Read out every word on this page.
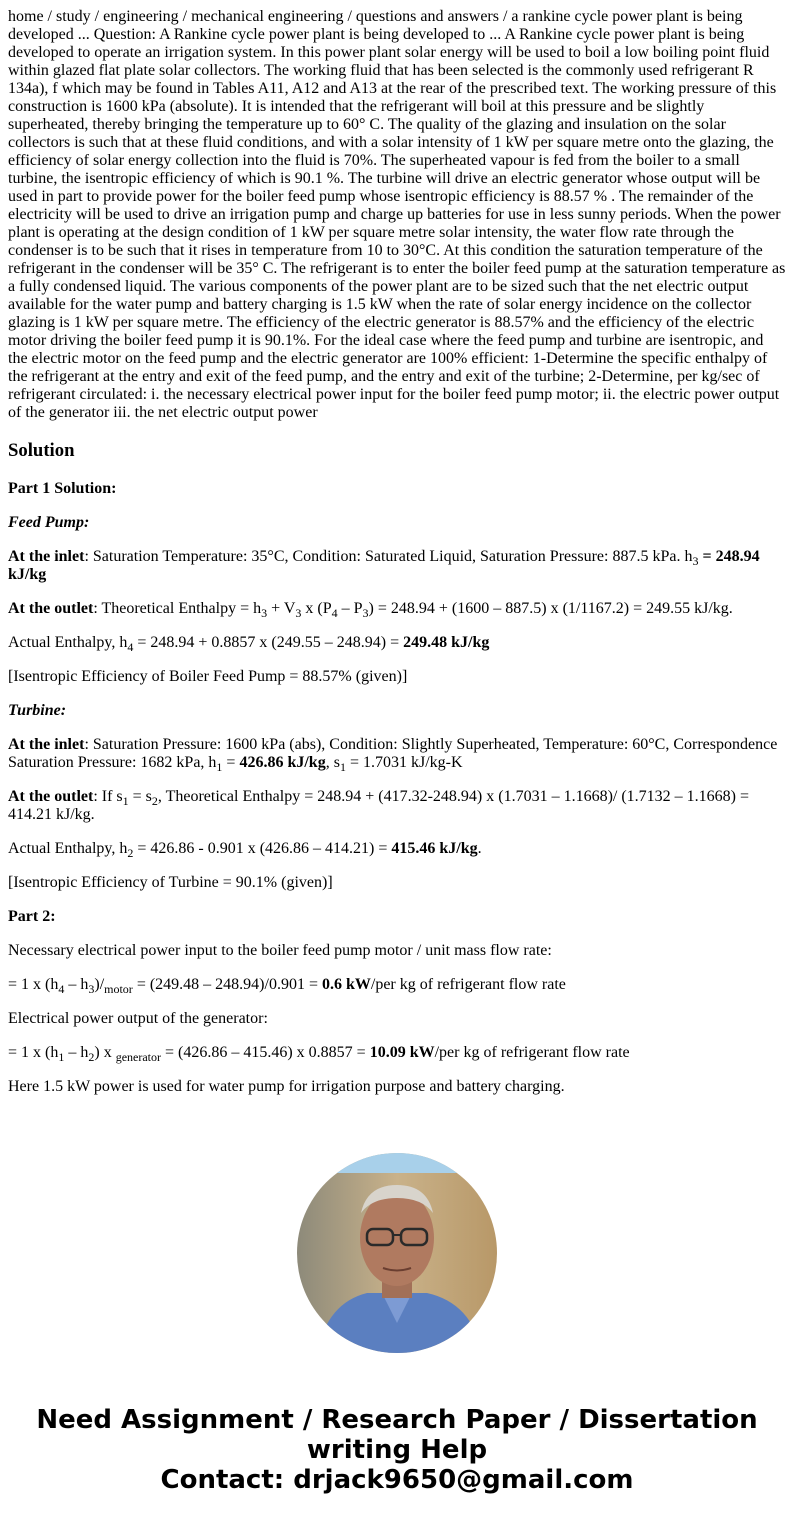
home / study / engineering / mechanical engineering / questions and answers / a rankine cycle power plant is being developed ... Question: A Rankine cycle power plant is being developed to ... A Rankine cycle power plant is being developed to operate an irrigation system. In this power plant solar energy will be used to boil a low boiling point fluid within glazed flat plate solar collectors. The working fluid that has been selected is the commonly used refrigerant R 134a), f which may be found in Tables A11, A12 and A13 at the rear of the prescribed text. The working pressure of this construction is 1600 kPa (absolute). It is intended that the refrigerant will boil at this pressure and be slightly superheated, thereby bringing the temperature up to 60° C. The quality of the glazing and insulation on the solar collectors is such that at these fluid conditions, and with a solar intensity of 1 kW per square metre onto the glazing, the efficiency of solar energy collection into the fluid is 70%. The superheated vapour is fed from the boiler to a small turbine, the isentropic efficiency of which is 90.1 %. The turbine will drive an electric generator whose output will be used in part to provide power for the boiler feed pump whose isentropic efficiency is 88.57 % . The remainder of the electricity will be used to drive an irrigation pump and charge up batteries for use in less sunny periods. When the power plant is operating at the design condition of 1 kW per square metre solar intensity, the water flow rate through the condenser is to be such that it rises in temperature from 10 to 30°C. At this condition the saturation temperature of the refrigerant in the condenser will be 35° C. The refrigerant is to enter the boiler feed pump at the saturation temperature as a fully condensed liquid. The various components of the power plant are to be sized such that the net electric output available for the water pump and battery charging is 1.5 kW when the rate of solar energy incidence on the collector glazing is 1 kW per square metre. The efficiency of the electric generator is 88.57% and the efficiency of the electric motor driving the boiler feed pump it is 90.1%. For the ideal case where the feed pump and turbine are isentropic, and the electric motor on the feed pump and the electric generator are 100% efficient: 1-Determine the specific enthalpy of the refrigerant at the entry and exit of the feed pump, and the entry and exit of the turbine; 2-Determine, per kg/sec of refrigerant circulated: i. the necessary electrical power input for the boiler feed pump motor; ii. the electric power output of the generator iii. the net electric output power

Solution

Part 1 Solution:

Feed Pump:

At the inlet: Saturation Temperature: 35°C, Condition: Saturated Liquid, Saturation Pressure: 887.5 kPa. $h_3 = 248.94$ kJ/kg

At the outlet: Theoretical Enthalpy = $h_3 + V_3$ x $(P_4 - P_3) = 248.94 + (1600 - 887.5)$ x (1/1167.2) = 249.55 kJ/kg.

Actual Enthalpy, $h_4 = 248.94 + 0.8857$ x (249.55 – 248.94) = 249.48 kJ/kg

[Isentropic Efficiency of Boiler Feed Pump = 88.57% (given)]

Turbine:

At the inlet: Saturation Pressure: 1600 kPa (abs), Condition: Slightly Superheated, Temperature: 60°C, Correspondence Saturation Pressure: 1682 kPa, $h_1 = 426.86$ kJ/kg, $s_1 = 1.7031$ kJ/kg-K

At the outlet: If $s_1 = s_2$, Theoretical Enthalpy = 248.94 + (417.32-248.94) x (1.7031 – 1.1668)/ (1.7132 – 1.1668) = 414.21 kJ/kg.

Actual Enthalpy, $h_2 = 426.86 - 0.901$ x (426.86 – 414.21) = 415.46 kJ/kg.

[Isentropic Efficiency of Turbine = 90.1% (given)]

Part 2:

Necessary electrical power input to the boiler feed pump motor / unit mass flow rate:

= 1 x $(h_4 - h_3)/_{motor} = (249.48 - 248.94)/0.901 = 0.6$ kW/per kg of refrigerant flow rate

Electrical power output of the generator:

= 1 x $(h_1 - h_2)$ x $_{generator}$ = (426.86 – 415.46) x 0.8857 = 10.09 kW/per kg of refrigerant flow rate

Here 1.5 kW power is used for water pump for irrigation purpose and battery charging.

Need Assignment / Research Paper / Dissertation
writing Help
Contact: drjack9650@gmail.com
